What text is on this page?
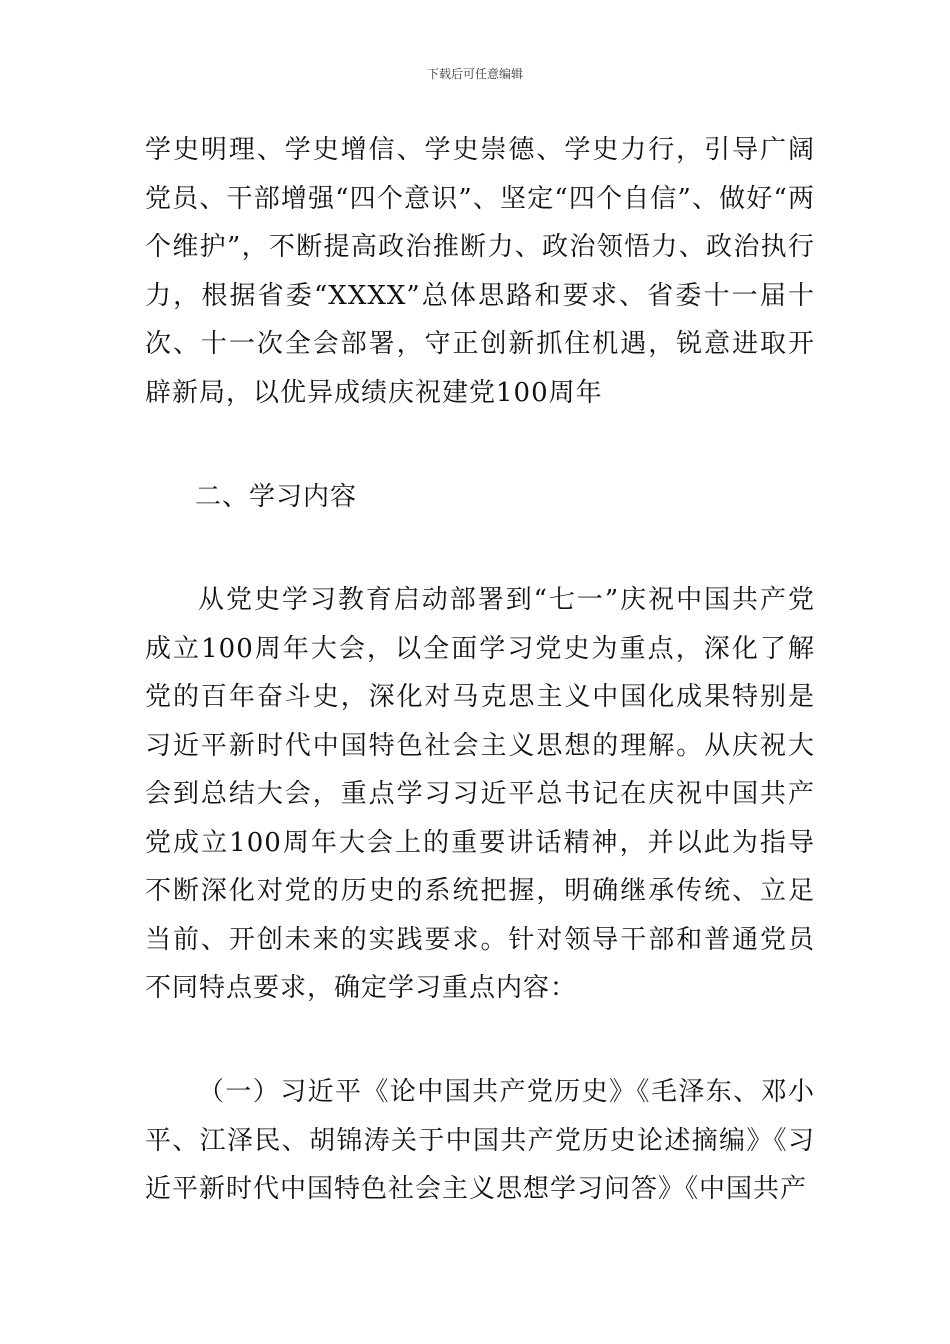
下载后可任意编辑

学史明理、学史增信、学史崇德、学史力行，引导广阔党员、干部增强“四个意识”、坚定“四个自信”、做好“两个维护”，不断提高政治推断力、政治领悟力、政治执行力，根据省委“XXXX”总体思路和要求、省委十一届十次、十一次全会部署，守正创新抓住机遇，锐意进取开辟新局，以优异成绩庆祝建党100周年

二、学习内容

从党史学习教育启动部署到“七一”庆祝中国共产党成立100周年大会，以全面学习党史为重点，深化了解党的百年奋斗史，深化对马克思主义中国化成果特别是习近平新时代中国特色社会主义思想的理解。从庆祝大会到总结大会，重点学习习近平总书记在庆祝中国共产党成立100周年大会上的重要讲话精神，并以此为指导不断深化对党的历史的系统把握，明确继承传统、立足当前、开创未来的实践要求。针对领导干部和普通党员不同特点要求，确定学习重点内容：

（一）习近平《论中国共产党历史》《毛泽东、邓小平、江泽民、胡锦涛关于中国共产党历史论述摘编》《习近平新时代中国特色社会主义思想学习问答》《中国共产
